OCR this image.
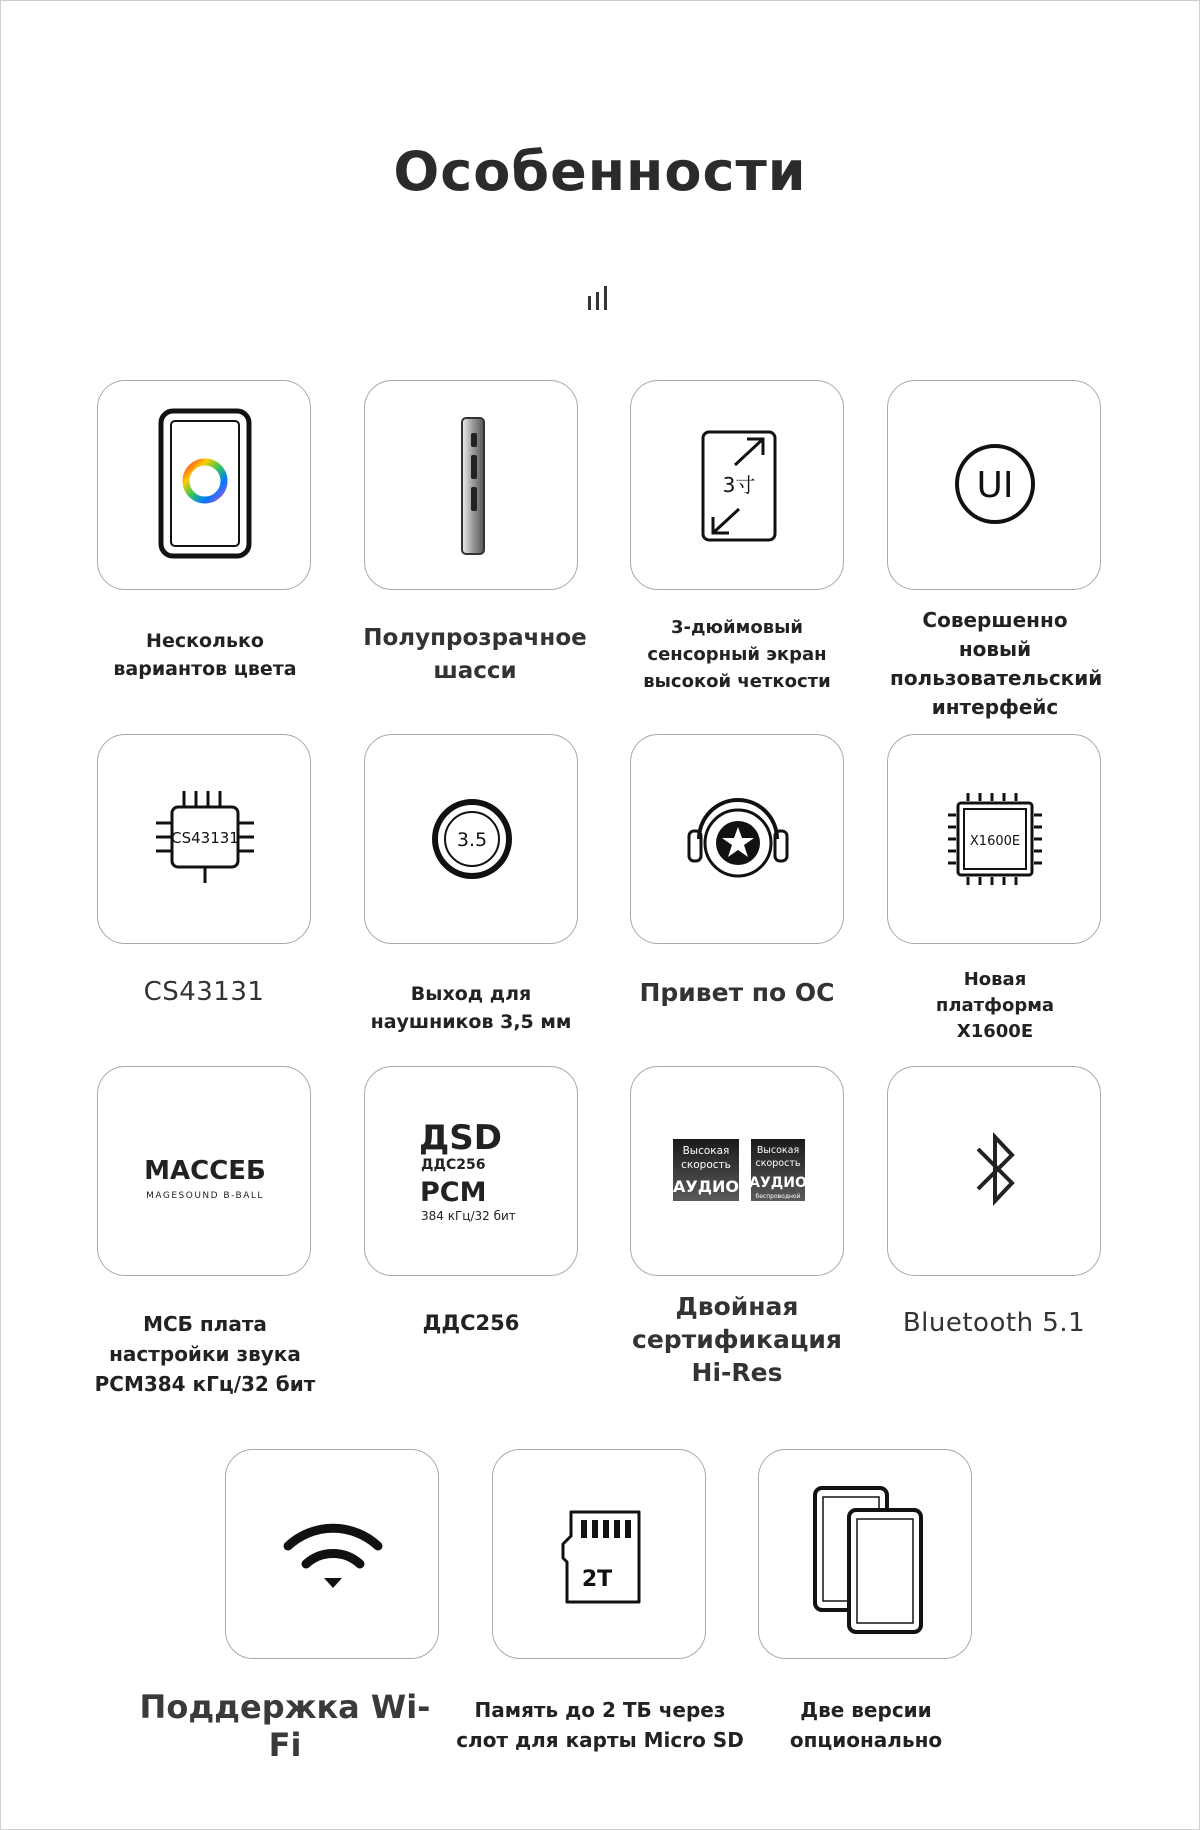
Особенности
Несколько вариантов цвета
Полупрозрачное шасси
3寸
3-дюймовый сенсорный экран высокой четкости
UI
Совершенно новый пользовательский интерфейс
CS43131
CS43131
3.5
Выход для наушников 3,5 мм
Привет по ОС
X1600E
Новая платформа X1600E
МАССЕБ
MAGESOUND B-BALL
МСБ плата настройки звука PCM384 кГц/32 бит
ДSD
ДДС256
PCM
384 кГц/32 бит
ДДС256
Высокая
скорость
АУДИО
Высокая
скорость
АУДИО
беспроводной
Двойная сертификация Hi-Res
Bluetooth 5.1
Поддержка Wi-Fi
2T
Память до 2 ТБ через слот для карты Micro SD
Две версии опционально
